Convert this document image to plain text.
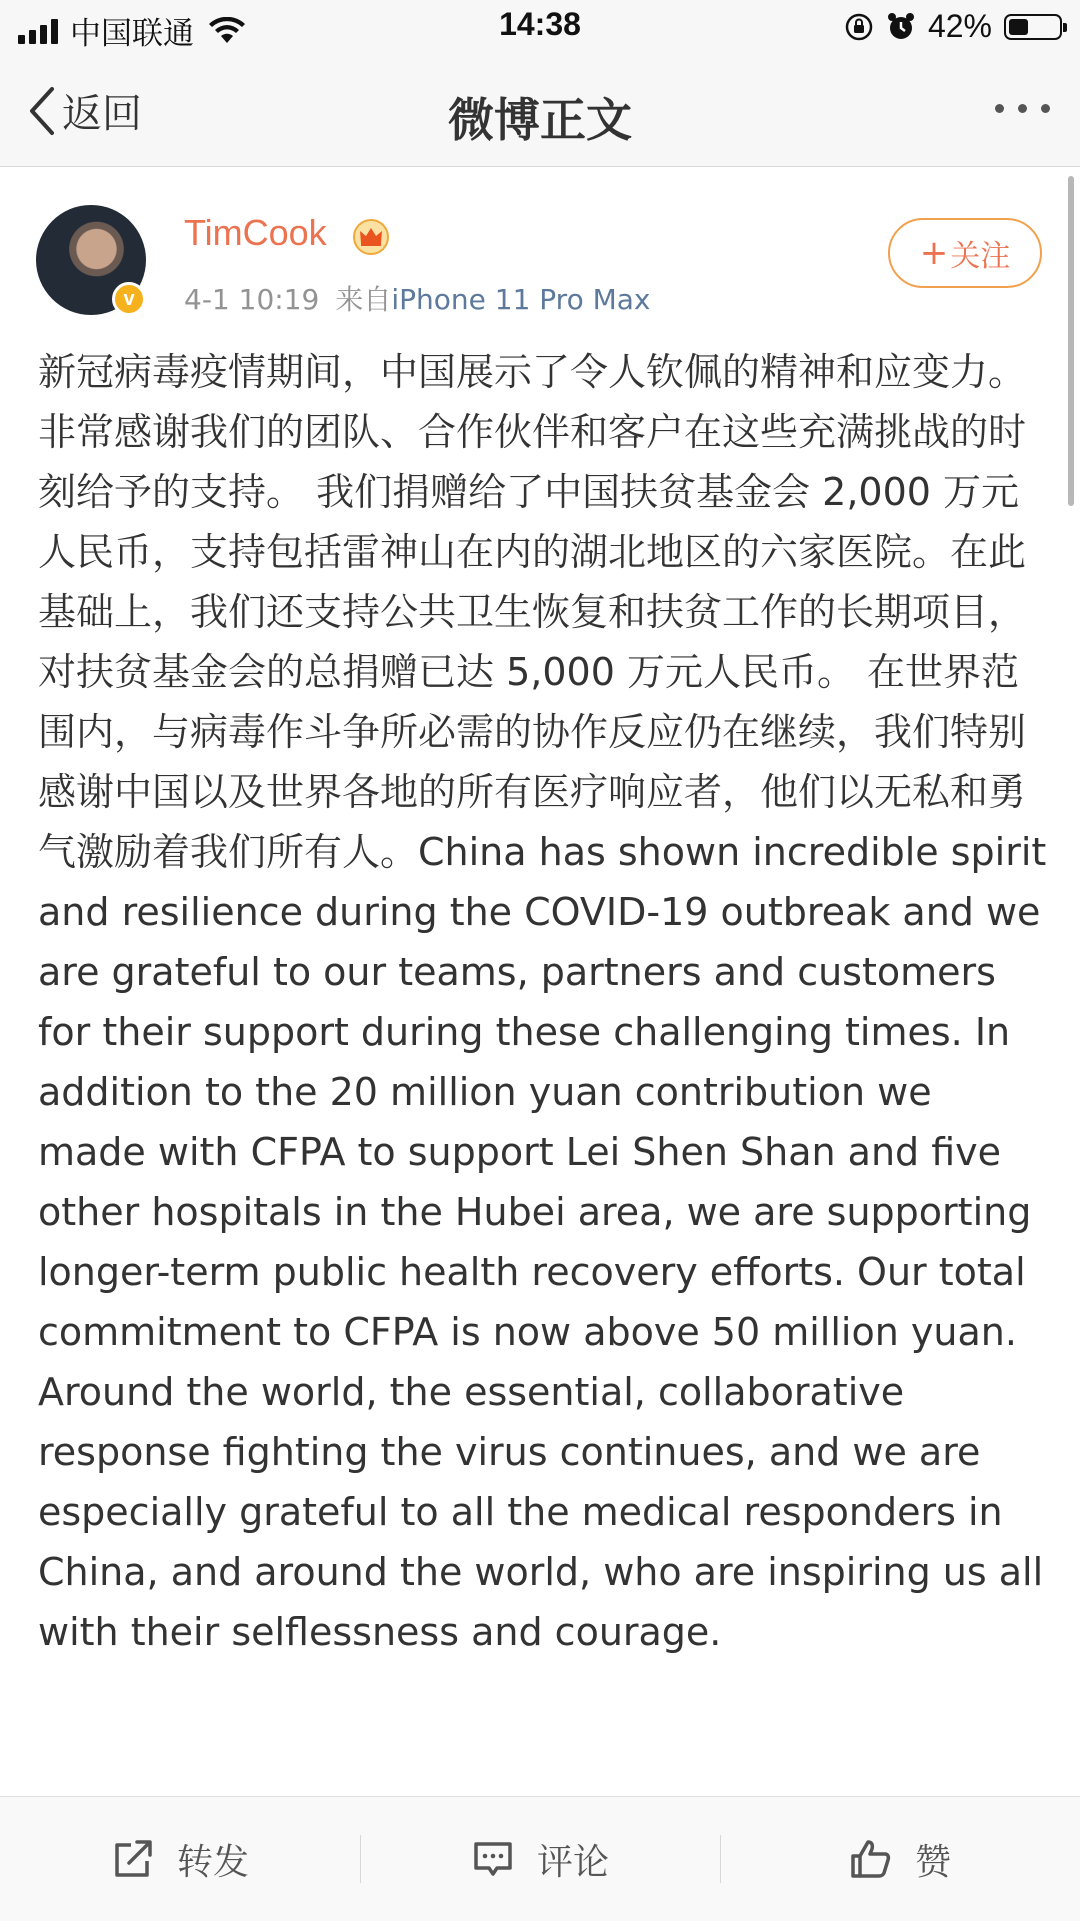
中国联通	14:38	42%
返回	微博正文
v
TimCook
4-1 10:19 来自iPhone 11 Pro Max
+ 关注
新冠病毒疫情期间，中国展示了令人钦佩的精神和应变力。非常感谢我们的团队、合作伙伴和客户在这些充满挑战的时刻给予的支持。 我们捐赠给了中国扶贫基金会 2,000 万元人民币，支持包括雷神山在内的湖北地区的六家医院。在此基础上，我们还支持公共卫生恢复和扶贫工作的长期项目，对扶贫基金会的总捐赠已达 5,000 万元人民币。 在世界范围内，与病毒作斗争所必需的协作反应仍在继续，我们特别感谢中国以及世界各地的所有医疗响应者，他们以无私和勇气激励着我们所有人。China has shown incredible spirit and resilience during the COVID-19 outbreak and we are grateful to our teams, partners and customers for their support during these challenging times. In addition to the 20 million yuan contribution we made with CFPA to support Lei Shen Shan and five other hospitals in the Hubei area, we are supporting longer-term public health recovery efforts. Our total commitment to CFPA is now above 50 million yuan. Around the world, the essential, collaborative response fighting the virus continues, and we are especially grateful to all the medical responders in China, and around the world, who are inspiring us all with their selflessness and courage.
转发	评论	赞
